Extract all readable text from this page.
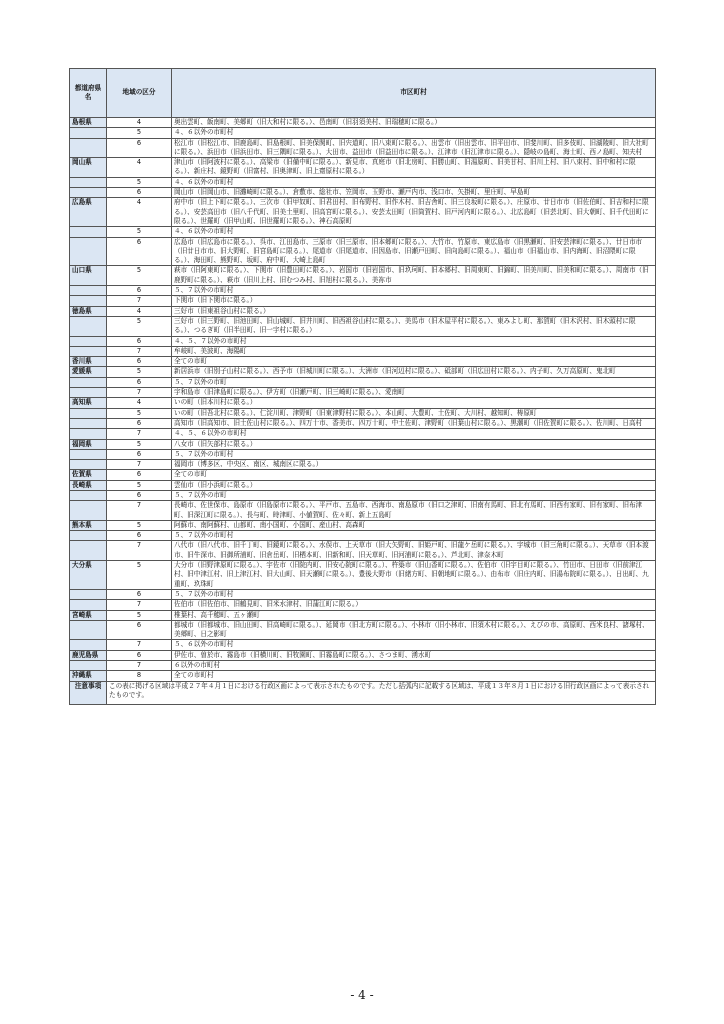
都道府県名	地域の区分	市区町村
島根県	4	奥出雲町、飯南町、美郷町（旧大和村に限る。）、邑南町（旧羽須美村、旧瑞穂町に限る。）
	5	４、６以外の市町村
	6	松江市（旧松江市、旧鹿島町、旧島根町、旧美保関町、旧宍道町、旧八束町に限る。）、出雲市（旧出雲市、旧平田市、旧斐川町、旧多伎町、旧湖陵町、旧大社町に限る。）、浜田市（旧浜田市、旧三隅町に限る。）、大田市、益田市（旧益田市に限る。）、江津市（旧江津市に限る。）、隠岐の島町、海士町、西ノ島町、知夫村
岡山県	4	津山市（旧阿波村に限る。）、高梁市（旧備中町に限る。）、新見市、真庭市（旧北房町、旧勝山町、旧湯原町、旧美甘村、旧川上村、旧八束村、旧中和村に限る。）、新庄村、鏡野町（旧富村、旧奥津町、旧上齋原村に限る。）
	5	４、６以外の市町村
	6	岡山市（旧岡山市、旧灘崎町に限る。）、倉敷市、総社市、笠岡市、玉野市、瀬戸内市、浅口市、矢掛町、里庄町、早島町
広島県	4	府中市（旧上下町に限る。）、三次市（旧甲奴町、旧君田村、旧布野村、旧作木村、旧吉舎町、旧三良坂町に限る。）、庄原市、廿日市市（旧佐伯町、旧吉和村に限る。）、安芸高田市（旧八千代町、旧美土里町、旧高宮町に限る。）、安芸太田町（旧筒賀村、旧戸河内町に限る。）、北広島町（旧芸北町、旧大朝町、旧千代田町に限る。）、世羅町（旧甲山町、旧世羅町に限る。）、神石高原町
	5	４、６以外の市町村
	6	広島市（旧広島市に限る。）、呉市、江田島市、三原市（旧三原市、旧本郷町に限る。）、大竹市、竹原市、東広島市（旧黒瀬町、旧安芸津町に限る。）、廿日市市（旧廿日市市、旧大野町、旧宮島町に限る。）、尾道市（旧尾道市、旧因島市、旧瀬戸田町、旧向島町に限る。）、福山市（旧福山市、旧内海町、旧沼隈町に限る。）、海田町、熊野町、坂町、府中町、大崎上島町
山口県	5	萩市（旧阿東町に限る。）、下関市（旧豊田町に限る。）、岩国市（旧岩国市、旧玖珂町、旧本郷村、旧周東町、旧錦町、旧美川町、旧美和町に限る。）、周南市（旧鹿野町に限る。）、萩市（旧川上村、旧むつみ村、旧旭村に限る。）、美祢市
	6	５、７以外の市町村
	7	下関市（旧下関市に限る。）
徳島県	4	三好市（旧東祖谷山村に限る。）
	5	三好市（旧三野町、旧池田町、旧山城町、旧井川町、旧西祖谷山村に限る。）、美馬市（旧木屋平村に限る。）、東みよし町、那賀町（旧木沢村、旧木頭村に限る。）、つるぎ町（旧半田町、旧一宇村に限る。）
	6	４、５、７以外の市町村
	7	牟岐町、美波町、海陽町
香川県	6	全ての市町
愛媛県	5	新居浜市（旧別子山村に限る。）、西予市（旧城川町に限る。）、大洲市（旧河辺村に限る。）、砥部町（旧広田村に限る。）、内子町、久万高原町、鬼北町
	6	５、７以外の市町
	7	宇和島市（旧津島町に限る。）、伊方町（旧瀬戸町、旧三崎町に限る。）、愛南町
高知県	4	いの町（旧本川村に限る。）
	5	いの町（旧吾北村に限る。）、仁淀川町、津野町（旧東津野村に限る。）、本山町、大豊町、土佐町、大川村、越知町、梼原町
	6	高知市（旧高知市、旧土佐山村に限る。）、四万十市、香美市、四万十町、中土佐町、津野町（旧葉山村に限る。）、黒潮町（旧佐賀町に限る。）、佐川町、日高村
	7	４、５、６以外の市町村
福岡県	5	八女市（旧矢部村に限る。）
	6	５、７以外の市町村
	7	福岡市（博多区、中央区、南区、城南区に限る。）
佐賀県	6	全ての市町
長崎県	5	雲仙市（旧小浜町に限る。）
	6	５、７以外の市町
	7	長崎市、佐世保市、島原市（旧島原市に限る。）、平戸市、五島市、西海市、南島原市（旧口之津町、旧南有馬町、旧北有馬町、旧西有家町、旧有家町、旧布津町、旧深江町に限る。）、長与町、時津町、小値賀町、佐々町、新上五島町
熊本県	5	阿蘇市、南阿蘇村、山都町、南小国町、小国町、産山村、高森町
	6	５、７以外の市町村
	7	八代市（旧八代市、旧千丁町、旧鏡町に限る。）、水俣市、上天草市（旧大矢野町、旧姫戸町、旧龍ケ岳町に限る。）、宇城市（旧三角町に限る。）、天草市（旧本渡市、旧牛深市、旧御所浦町、旧倉岳町、旧栖本町、旧新和町、旧天草町、旧河浦町に限る。）、芦北町、津奈木町
大分県	5	大分市（旧野津原町に限る。）、宇佐市（旧院内町、旧安心院町に限る。）、杵築市（旧山香町に限る。）、佐伯市（旧宇目町に限る。）、竹田市、日田市（旧前津江村、旧中津江村、旧上津江村、旧大山町、旧天瀬町に限る。）、豊後大野市（旧緒方町、旧朝地町に限る。）、由布市（旧庄内町、旧湯布院町に限る。）、日出町、九重町、玖珠町
	6	５、７以外の市町村
	7	佐伯市（旧佐伯市、旧鶴見町、旧米水津村、旧蒲江町に限る。）
宮崎県	5	椎葉村、高千穂町、五ヶ瀬町
	6	都城市（旧都城市、旧山田町、旧高崎町に限る。）、延岡市（旧北方町に限る。）、小林市（旧小林市、旧須木村に限る。）、えびの市、高原町、西米良村、諸塚村、美郷町、日之影町
	7	５、６以外の市町村
鹿児島県	6	伊佐市、曽於市、霧島市（旧横川町、旧牧園町、旧霧島町に限る。）、さつま町、湧水町
	7	６以外の市町村
沖縄県	8	全ての市町村
注意事項	この表に掲げる区域は平成２７年４月１日における行政区画によって表示されたものです。ただし括弧内に記載する区域は、平成１３年８月１日における旧行政区画によって表示されたものです。	
- 4 -
